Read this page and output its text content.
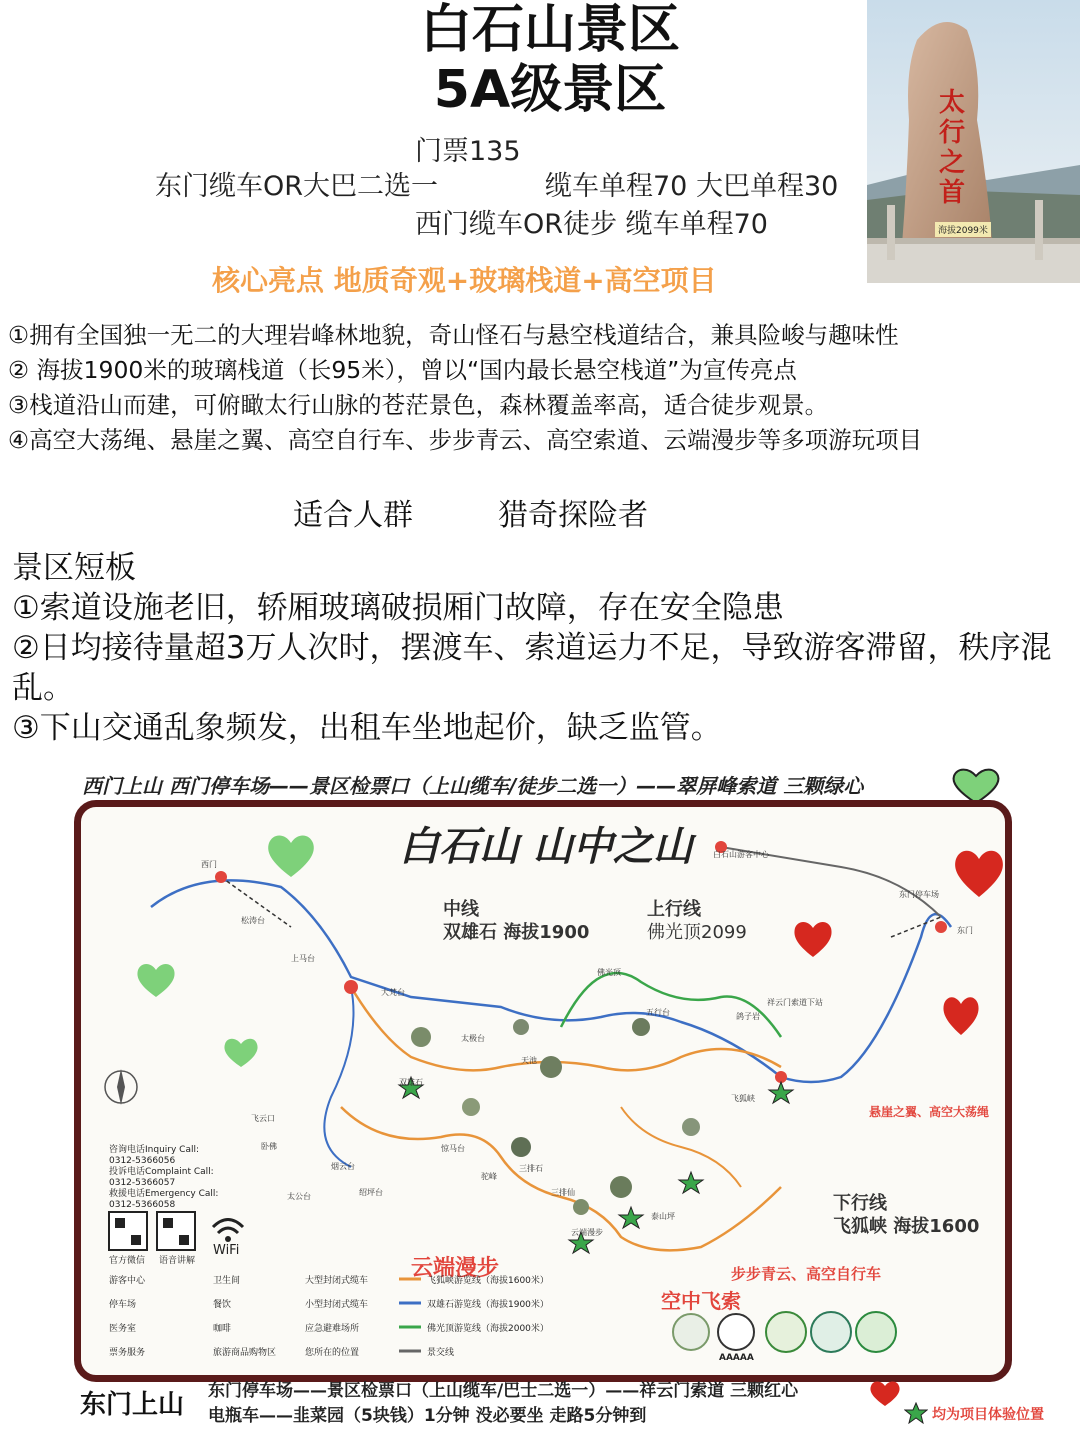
白石山景区
5A级景区	太行之首
海拔2099米
门票135
东门缆车OR大巴二选一	缆车单程70 大巴单程30
西门缆车OR徒步 缆车单程70
核心亮点 地质奇观+玻璃栈道+高空项目
①拥有全国独一无二的大理岩峰林地貌，奇山怪石与悬空栈道结合，兼具险峻与趣味性
② 海拔1900米的玻璃栈道（长95米），曾以“国内最长悬空栈道”为宣传亮点
③栈道沿山而建，可俯瞰太行山脉的苍茫景色，森林覆盖率高，适合徒步观景。
④高空大荡绳、悬崖之翼、高空自行车、步步青云、高空索道、云端漫步等多项游玩项目
适合人群	猎奇探险者
景区短板
①索道设施老旧，轿厢玻璃破损厢门故障，存在安全隐患
②日均接待量超3万人次时，摆渡车、索道运力不足，导致游客滞留，秩序混乱。
③下山交通乱象频发，出租车坐地起价，缺乏监管。
西门上山 西门停车场——景区检票口（上山缆车/徒步二选一）——翠屏峰索道 三颗绿心
白石山 山中之山
中线
双雄石 海拔1900
上行线
佛光顶2099
下行线
飞狐峡 海拔1600
悬崖之翼、高空大荡绳
云端漫步
空中飞索
步步青云、高空自行车
西门
白石山游客中心
东门停车场
东门
祥云门索道下站
佛光顶
五行台
太极台
双雄石
飞云口
上马台
松涛台
大梵台
鸽子岩
天池
惊马台
三排石
三排仙
烟云台
绍坪台
云端漫步
泰山坪
飞狐峡
驼峰
卧佛
太公台
咨询电话Inquiry Call:
0312-5366056
投诉电话Complaint Call:
0312-5366057
救援电话Emergency Call:
0312-5366058
官方微信 语音讲解
WiFi
游客中心
停车场
医务室
票务服务
卫生间
餐饮
咖啡
旅游商品购物区
大型封闭式缆车
小型封闭式缆车
应急避难场所
您所在的位置
飞狐峡游览线（海拔1600米）
双雄石游览线（海拔1900米）
佛光顶游览线（海拔2000米）
景交线	AAAAA
东门上山 东门停车场——景区检票口（上山缆车/巴士二选一）——祥云门索道 三颗红心
电瓶车——韭菜园（5块钱）1分钟 没必要坐 走路5分钟到	均为项目体验位置
